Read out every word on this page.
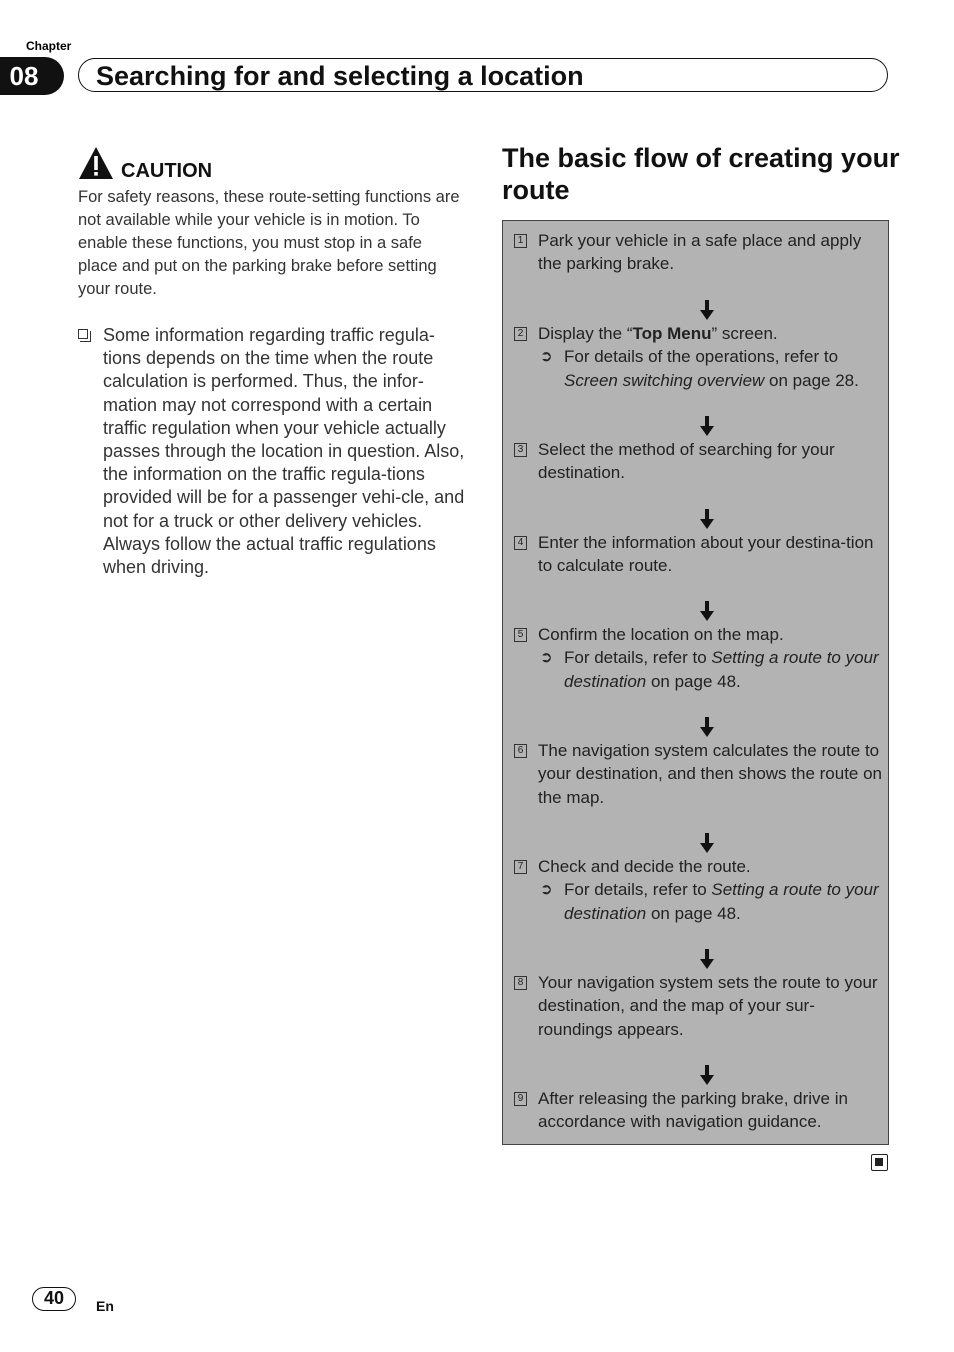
Chapter
08	Searching for and selecting a location
CAUTION
For safety reasons, these route-setting functions are not available while your vehicle is in motion. To enable these functions, you must stop in a safe place and put on the parking brake before setting your route.
Some information regarding traffic regula-tions depends on the time when the route calculation is performed. Thus, the infor-mation may not correspond with a certain traffic regulation when your vehicle actually passes through the location in question. Also, the information on the traffic regula-tions provided will be for a passenger vehi-cle, and not for a truck or other delivery vehicles. Always follow the actual traffic regulations when driving.
The basic flow of creating your route
1 Park your vehicle in a safe place and apply the parking brake.
2 Display the “Top Menu” screen.
➲ For details of the operations, refer to Screen switching overview on page 28.
3 Select the method of searching for your destination.
4 Enter the information about your destina-tion to calculate route.
5 Confirm the location on the map.
➲ For details, refer to Setting a route to your destination on page 48.
6 The navigation system calculates the route to your destination, and then shows the route on the map.
7 Check and decide the route.
➲ For details, refer to Setting a route to your destination on page 48.
8 Your navigation system sets the route to your destination, and the map of your sur-roundings appears.
9 After releasing the parking brake, drive in accordance with navigation guidance.
40	En
